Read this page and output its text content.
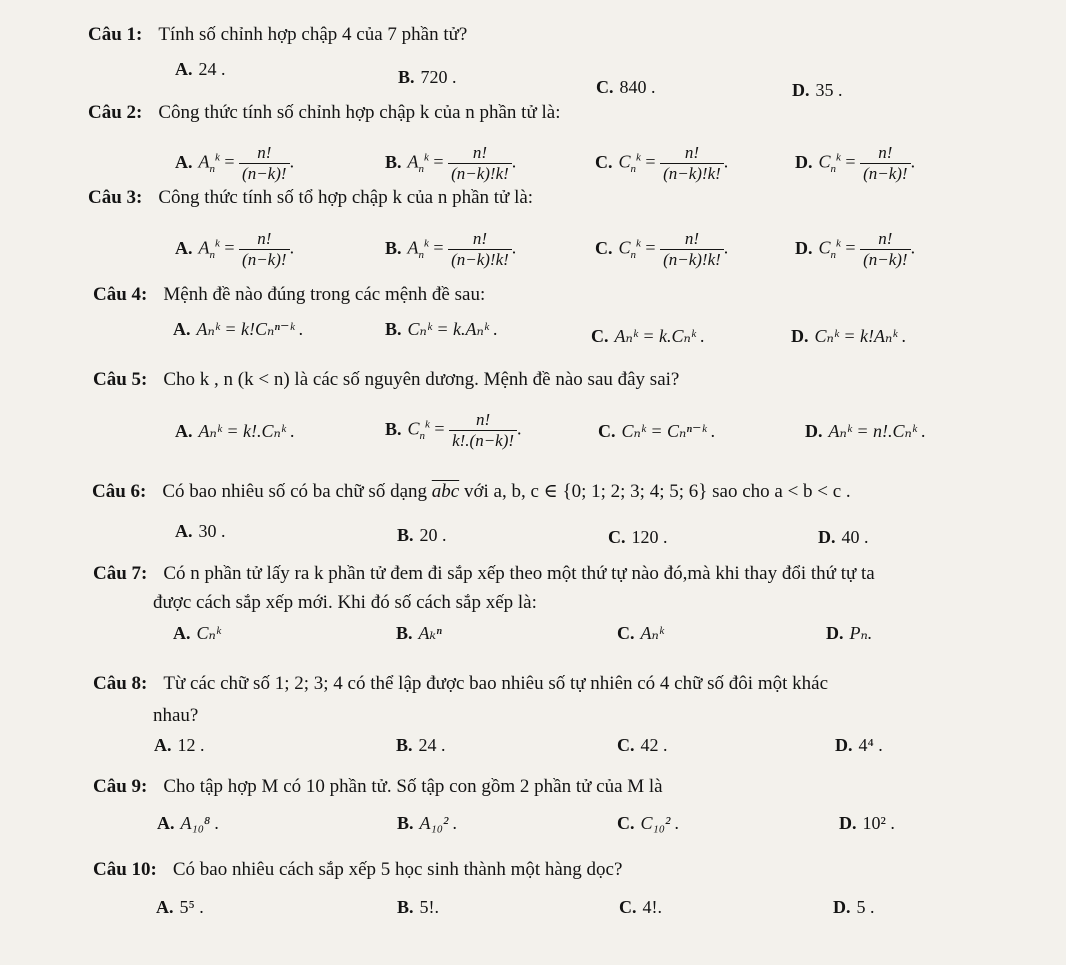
Câu 1: Tính số chỉnh hợp chập 4 của 7 phần tử?
A. 24 .	B. 720 .	C. 840 .	D. 35 .
Câu 2: Công thức tính số chỉnh hợp chập k của n phần tử là:
A. $A_n^k = \frac{n!}{(n-k)!}$ .	B. $A_n^k = \frac{n!}{(n-k)!k!}$ .	C. $C_n^k = \frac{n!}{(n-k)!k!}$ .	D. $C_n^k = \frac{n!}{(n-k)!}$ .
Câu 3: Công thức tính số tổ hợp chập k của n phần tử là:
A. $A_n^k = \frac{n!}{(n-k)!}$ .	B. $A_n^k = \frac{n!}{(n-k)!k!}$ .	C. $C_n^k = \frac{n!}{(n-k)!k!}$ .	D. $C_n^k = \frac{n!}{(n-k)!}$ .
Câu 4: Mệnh đề nào đúng trong các mệnh đề sau:
A. Aₙᵏ = k!Cₙⁿ⁻ᵏ .	B. Cₙᵏ = k.Aₙᵏ .	C. Aₙᵏ = k.Cₙᵏ .	D. Cₙᵏ = k!Aₙᵏ .
Câu 5: Cho k , n (k < n) là các số nguyên dương. Mệnh đề nào sau đây sai?
A. Aₙᵏ = k!.Cₙᵏ .	B. $C_n^k = \frac{n!}{k!.(n-k)!}$ .	C. Cₙᵏ = Cₙⁿ⁻ᵏ .	D. Aₙᵏ = n!.Cₙᵏ .
Câu 6: Có bao nhiêu số có ba chữ số dạng $\overline{abc}$ với a, b, c ∈ {0; 1; 2; 3; 4; 5; 6} sao cho a < b < c .
A. 30 .	B. 20 .	C. 120 .	D. 40 .
Câu 7: Có n phần tử lấy ra k phần tử đem đi sắp xếp theo một thứ tự nào đó,mà khi thay đổi thứ tự ta
được cách sắp xếp mới. Khi đó số cách sắp xếp là:
A. Cₙᵏ	B. Aₖⁿ	C. Aₙᵏ	D. Pₙ.
Câu 8: Từ các chữ số 1; 2; 3; 4 có thể lập được bao nhiêu số tự nhiên có 4 chữ số đôi một khác
nhau?
A. 12 .	B. 24 .	C. 42 .	D. 4⁴ .
Câu 9: Cho tập hợp M có 10 phần tử. Số tập con gồm 2 phần tử của M là
A. A₁₀⁸ .	B. A₁₀² .	C. C₁₀² .	D. 10² .
Câu 10: Có bao nhiêu cách sắp xếp 5 học sinh thành một hàng dọc?
A. 5⁵ .	B. 5!.	C. 4!.	D. 5 .
